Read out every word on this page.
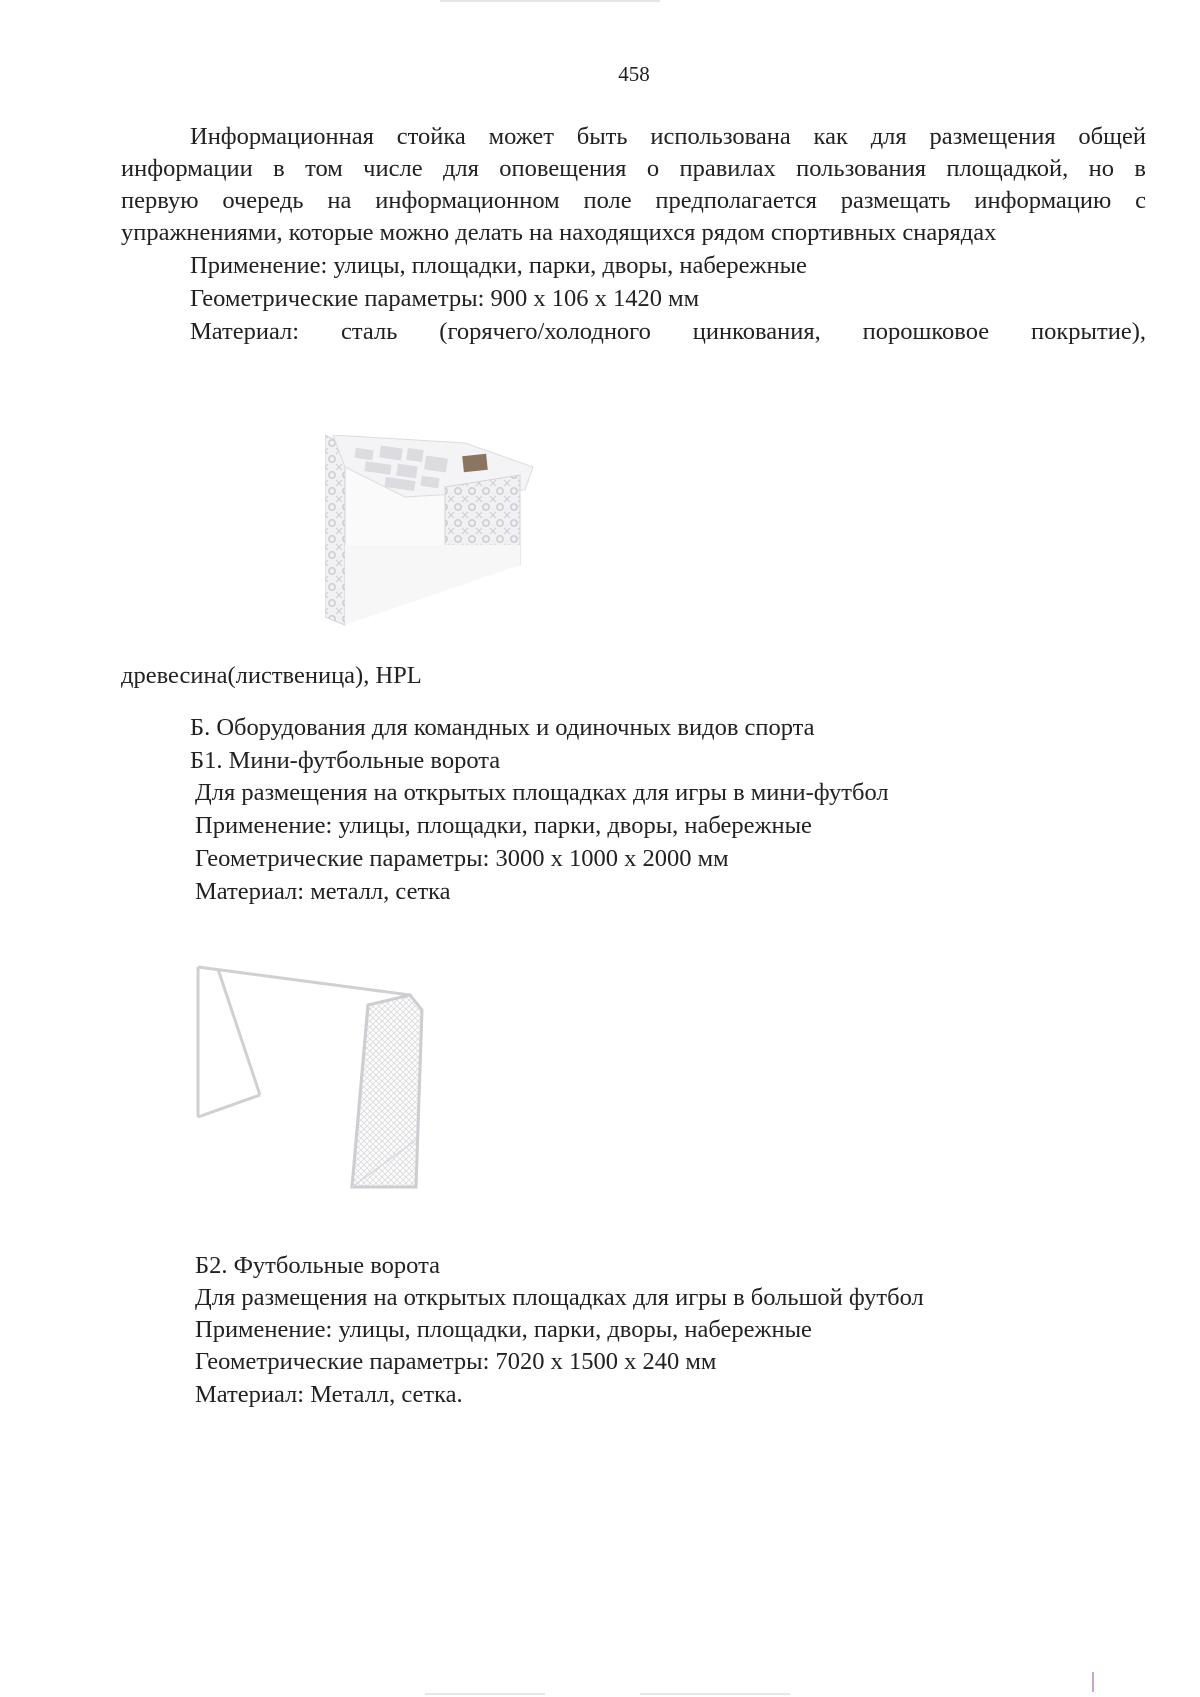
458
Информационная стойка может быть использована как для размещения общей
информации в том числе для оповещения о правилах пользования площадкой, но в
первую очередь на информационном поле предполагается размещать информацию с
упражнениями, которые можно делать на находящихся рядом спортивных снарядах
Применение: улицы, площадки, парки, дворы, набережные
Геометрические параметры: 900 х 106 х 1420 мм
Материал: сталь (горячего/холодного цинкования, порошковое покрытие),
древесина(лиственица), HPL
Б. Оборудования для командных и одиночных видов спорта
Б1. Мини-футбольные ворота
Для размещения на открытых площадках для игры в мини-футбол
Применение: улицы, площадки, парки, дворы, набережные
Геометрические параметры: 3000 х 1000 х 2000 мм
Материал: металл, сетка
Б2. Футбольные ворота
Для размещения на открытых площадках для игры в большой футбол
Применение: улицы, площадки, парки, дворы, набережные
Геометрические параметры: 7020 х 1500 х 240 мм
Материал: Металл, сетка.
